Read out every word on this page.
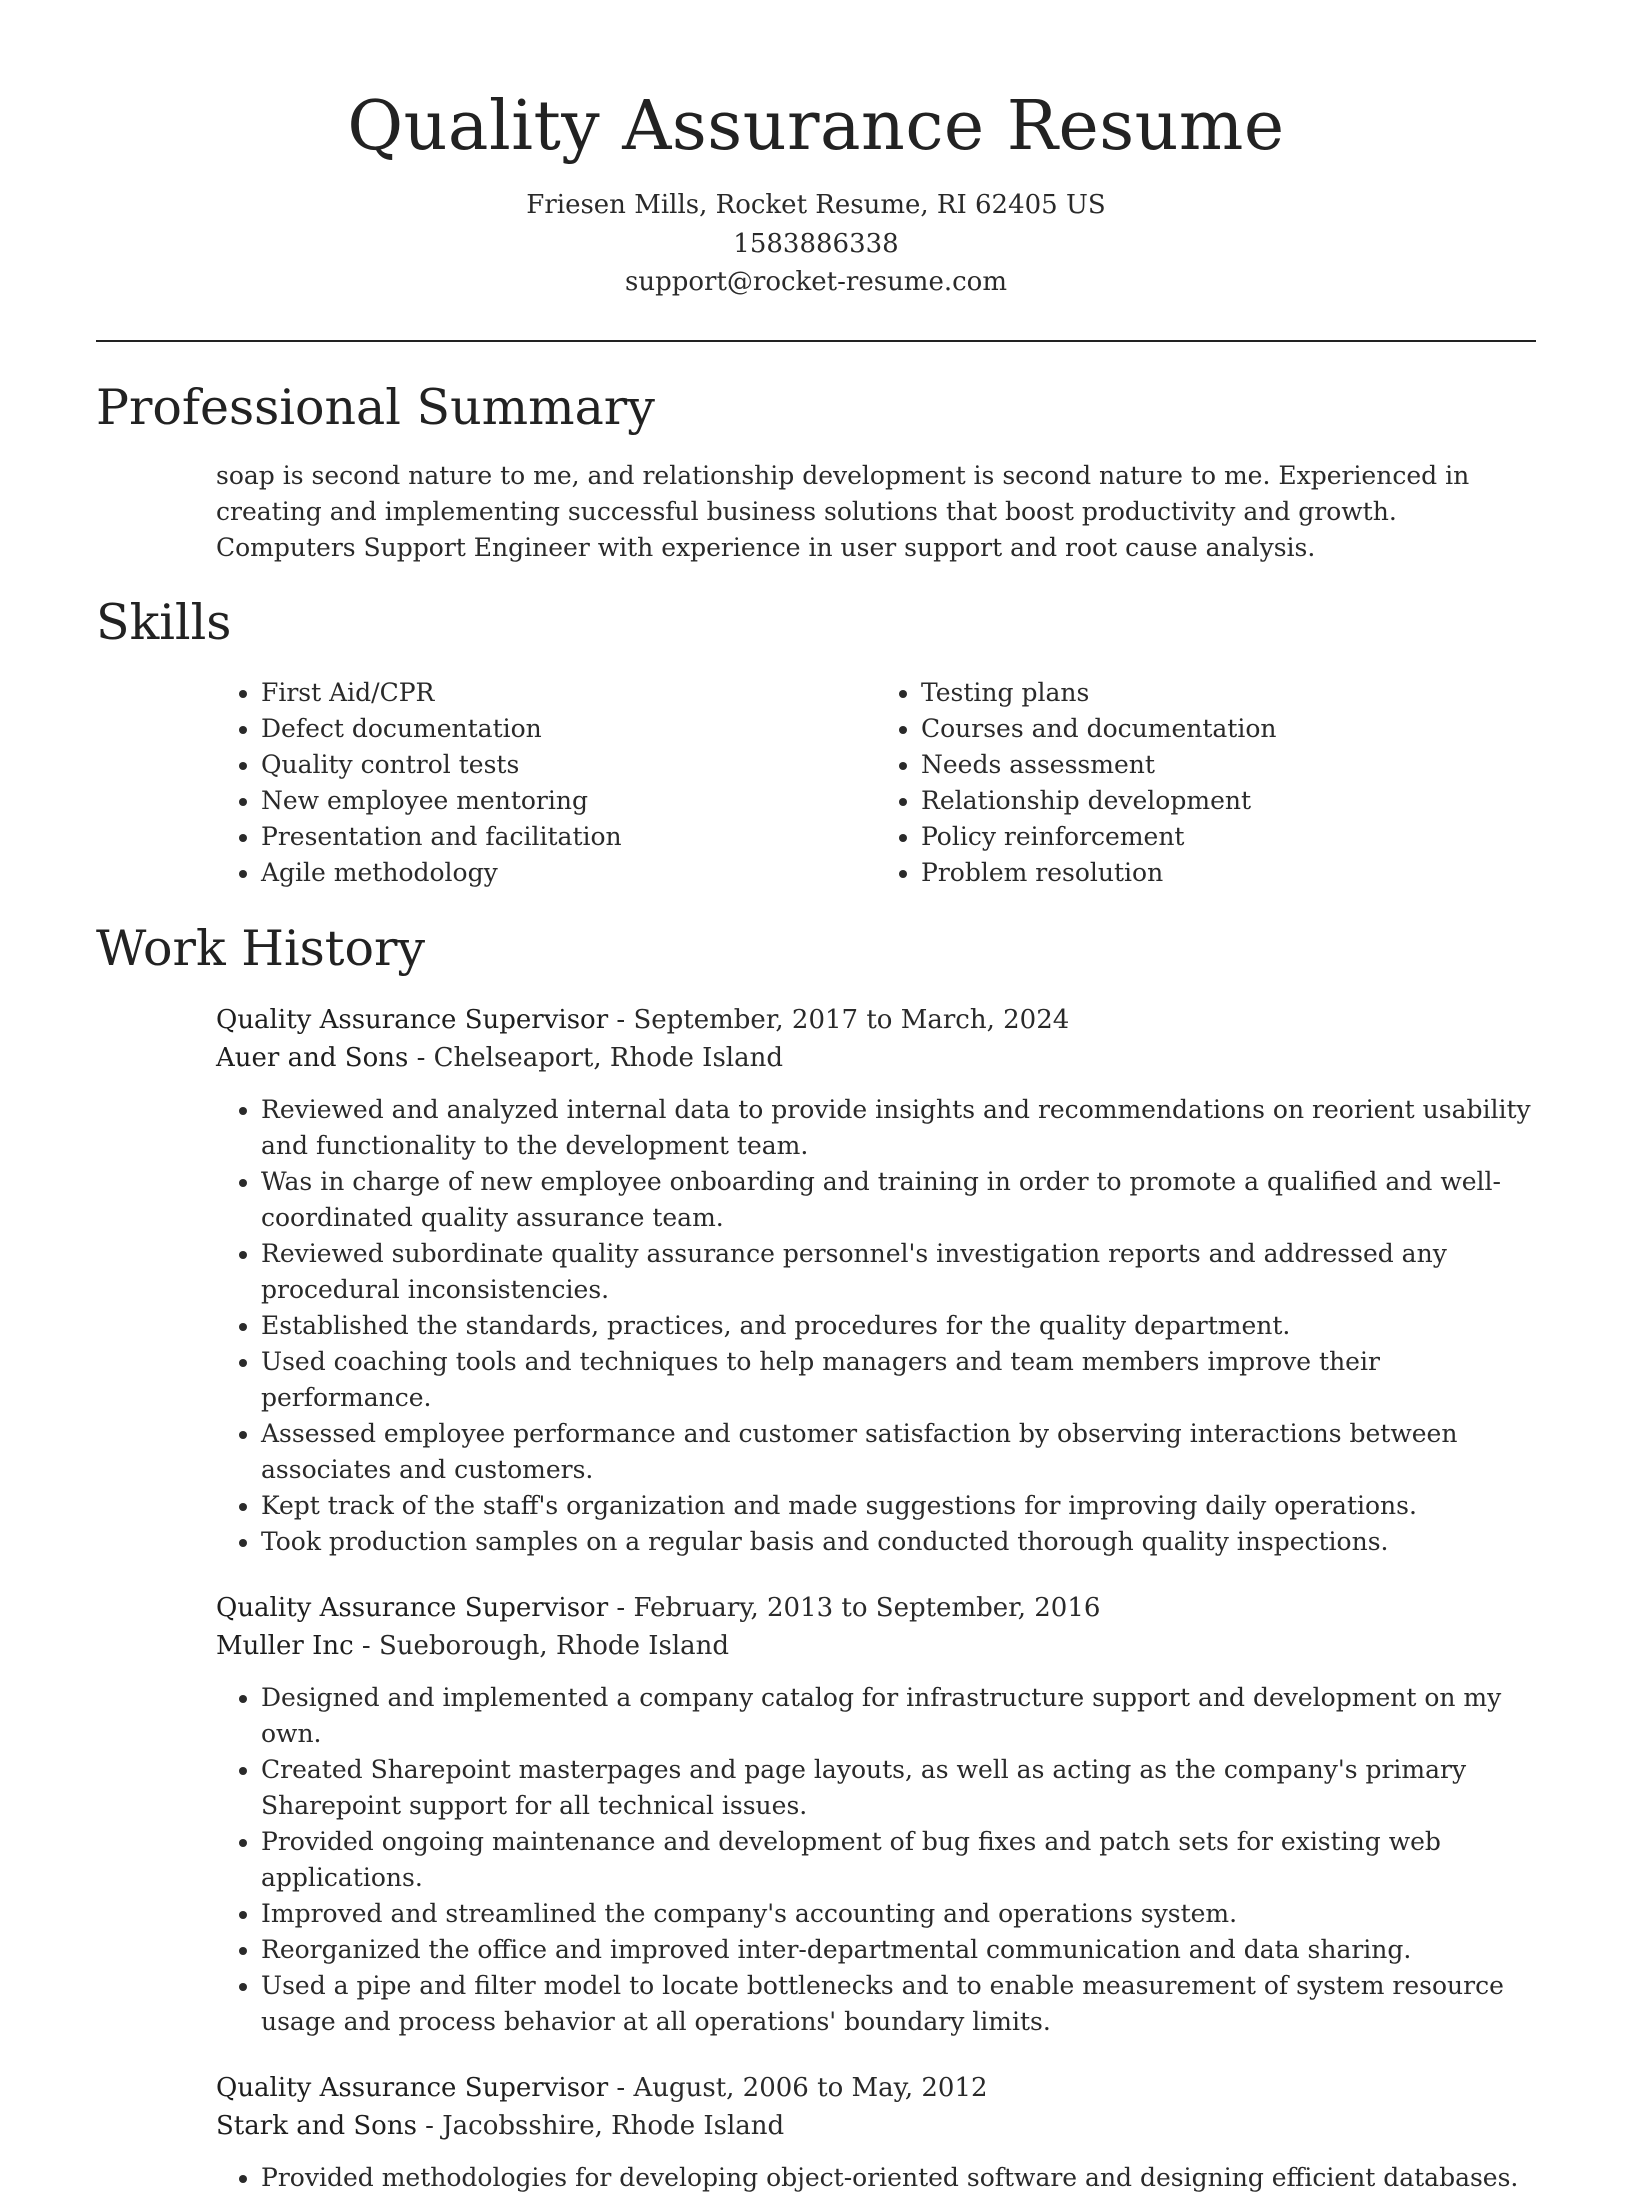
Quality Assurance Resume
Friesen Mills, Rocket Resume, RI 62405 US
1583886338
support@rocket-resume.com
Professional Summary

soap is second nature to me, and relationship development is second nature to me. Experienced in creating and implementing successful business solutions that boost productivity and growth. Computers Support Engineer with experience in user support and root cause analysis.

Skills
• First Aid/CPR
• Defect documentation
• Quality control tests
• New employee mentoring
• Presentation and facilitation
• Agile methodology
• Testing plans
• Courses and documentation
• Needs assessment
• Relationship development
• Policy reinforcement
• Problem resolution
Work History
Quality Assurance Supervisor - September, 2017 to March, 2024
Auer and Sons - Chelseaport, Rhode Island
• Reviewed and analyzed internal data to provide insights and recommendations on reorient usability and functionality to the development team.
• Was in charge of new employee onboarding and training in order to promote a qualified and well-coordinated quality assurance team.
• Reviewed subordinate quality assurance personnel's investigation reports and addressed any procedural inconsistencies.
• Established the standards, practices, and procedures for the quality department.
• Used coaching tools and techniques to help managers and team members improve their performance.
• Assessed employee performance and customer satisfaction by observing interactions between associates and customers.
• Kept track of the staff's organization and made suggestions for improving daily operations.
• Took production samples on a regular basis and conducted thorough quality inspections.
Quality Assurance Supervisor - February, 2013 to September, 2016
Muller Inc - Sueborough, Rhode Island
• Designed and implemented a company catalog for infrastructure support and development on my own.
• Created Sharepoint masterpages and page layouts, as well as acting as the company's primary Sharepoint support for all technical issues.
• Provided ongoing maintenance and development of bug fixes and patch sets for existing web applications.
• Improved and streamlined the company's accounting and operations system.
• Reorganized the office and improved inter-departmental communication and data sharing.
• Used a pipe and filter model to locate bottlenecks and to enable measurement of system resource usage and process behavior at all operations' boundary limits.
Quality Assurance Supervisor - August, 2006 to May, 2012
Stark and Sons - Jacobsshire, Rhode Island
• Provided methodologies for developing object-oriented software and designing efficient databases.
